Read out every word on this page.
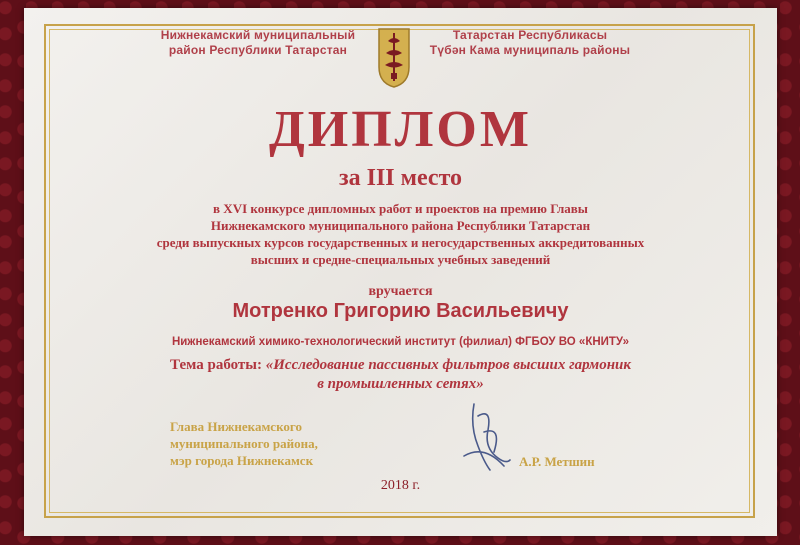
Нижнекамский муниципальный
район Республики Татарстан
Татарстан Республикасы
Түбән Кама муниципаль районы
ДИПЛОМ
за III место
в XVI конкурсе дипломных работ и проектов на премию Главы
Нижнекамского муниципального района Республики Татарстан
среди выпускных курсов государственных и негосударственных аккредитованных
высших и средне-специальных учебных заведений
вручается
Мотренко Григорию Васильевичу
Нижнекамский химико-технологический институт (филиал) ФГБОУ ВО «КНИТУ»
Тема работы: «Исследование пассивных фильтров высших гармоник
в промышленных сетях»
Глава Нижнекамского
муниципального района,
мэр города Нижнекамск	А.Р. Метшин
2018 г.
